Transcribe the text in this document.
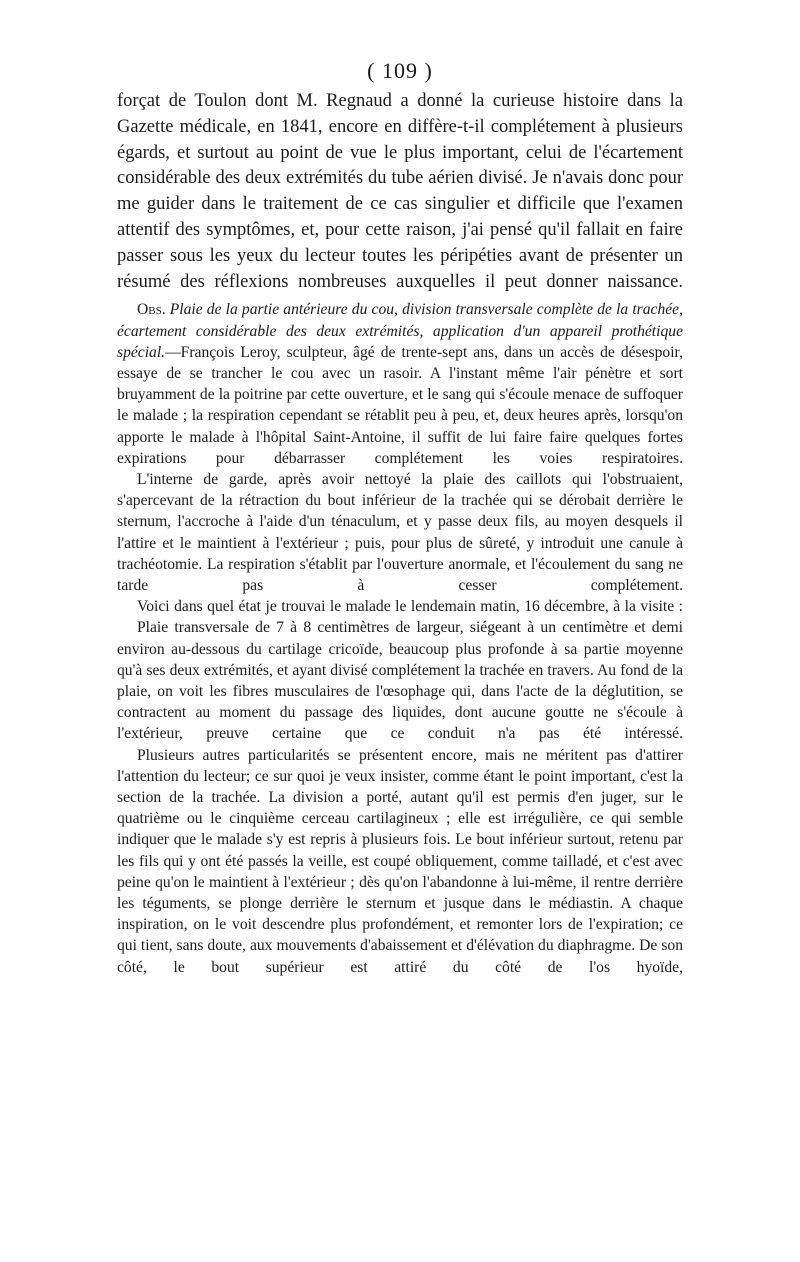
( 109 )

forçat de Toulon dont M. Regnaud a donné la curieuse histoire dans la Gazette médicale, en 1841, encore en diffère-t-il complétement à plusieurs égards, et surtout au point de vue le plus important, celui de l'écartement considérable des deux extrémités du tube aérien divisé. Je n'avais donc pour me guider dans le traitement de ce cas singulier et difficile que l'examen attentif des symptômes, et, pour cette raison, j'ai pensé qu'il fallait en faire passer sous les yeux du lecteur toutes les péripéties avant de présenter un résumé des réflexions nombreuses auxquelles il peut donner naissance.

Obs. Plaie de la partie antérieure du cou, division transversale complète de la trachée, écartement considérable des deux extrémités, application d'un appareil prothétique spécial.—François Leroy, sculpteur, âgé de trente-sept ans, dans un accès de désespoir, essaye de se trancher le cou avec un rasoir. A l'instant même l'air pénètre et sort bruyamment de la poitrine par cette ouverture, et le sang qui s'écoule menace de suffoquer le malade ; la respiration cependant se rétablit peu à peu, et, deux heures après, lorsqu'on apporte le malade à l'hôpital Saint-Antoine, il suffit de lui faire faire quelques fortes expirations pour débarrasser complétement les voies respiratoires.

L'interne de garde, après avoir nettoyé la plaie des caillots qui l'obstruaient, s'apercevant de la rétraction du bout inférieur de la trachée qui se dérobait derrière le sternum, l'accroche à l'aide d'un ténaculum, et y passe deux fils, au moyen desquels il l'attire et le maintient à l'extérieur ; puis, pour plus de sûreté, y introduit une canule à trachéotomie. La respiration s'établit par l'ouverture anormale, et l'écoulement du sang ne tarde pas à cesser complétement.

Voici dans quel état je trouvai le malade le lendemain matin, 16 décembre, à la visite :

Plaie transversale de 7 à 8 centimètres de largeur, siégeant à un centimètre et demi environ au-dessous du cartilage cricoïde, beaucoup plus profonde à sa partie moyenne qu'à ses deux extrémités, et ayant divisé complétement la trachée en travers. Au fond de la plaie, on voit les fibres musculaires de l'œsophage qui, dans l'acte de la déglutition, se contractent au moment du passage des liquides, dont aucune goutte ne s'écoule à l'extérieur, preuve certaine que ce conduit n'a pas été intéressé.

Plusieurs autres particularités se présentent encore, mais ne méritent pas d'attirer l'attention du lecteur; ce sur quoi je veux insister, comme étant le point important, c'est la section de la trachée. La division a porté, autant qu'il est permis d'en juger, sur le quatrième ou le cinquième cerceau cartilagineux ; elle est irrégulière, ce qui semble indiquer que le malade s'y est repris à plusieurs fois. Le bout inférieur surtout, retenu par les fils qui y ont été passés la veille, est coupé obliquement, comme tailladé, et c'est avec peine qu'on le maintient à l'extérieur ; dès qu'on l'abandonne à lui-même, il rentre derrière les téguments, se plonge derrière le sternum et jusque dans le médiastin. A chaque inspiration, on le voit descendre plus profondément, et remonter lors de l'expiration; ce qui tient, sans doute, aux mouvements d'abaissement et d'élévation du diaphragme. De son côté, le bout supérieur est attiré du côté de l'os hyoïde,
